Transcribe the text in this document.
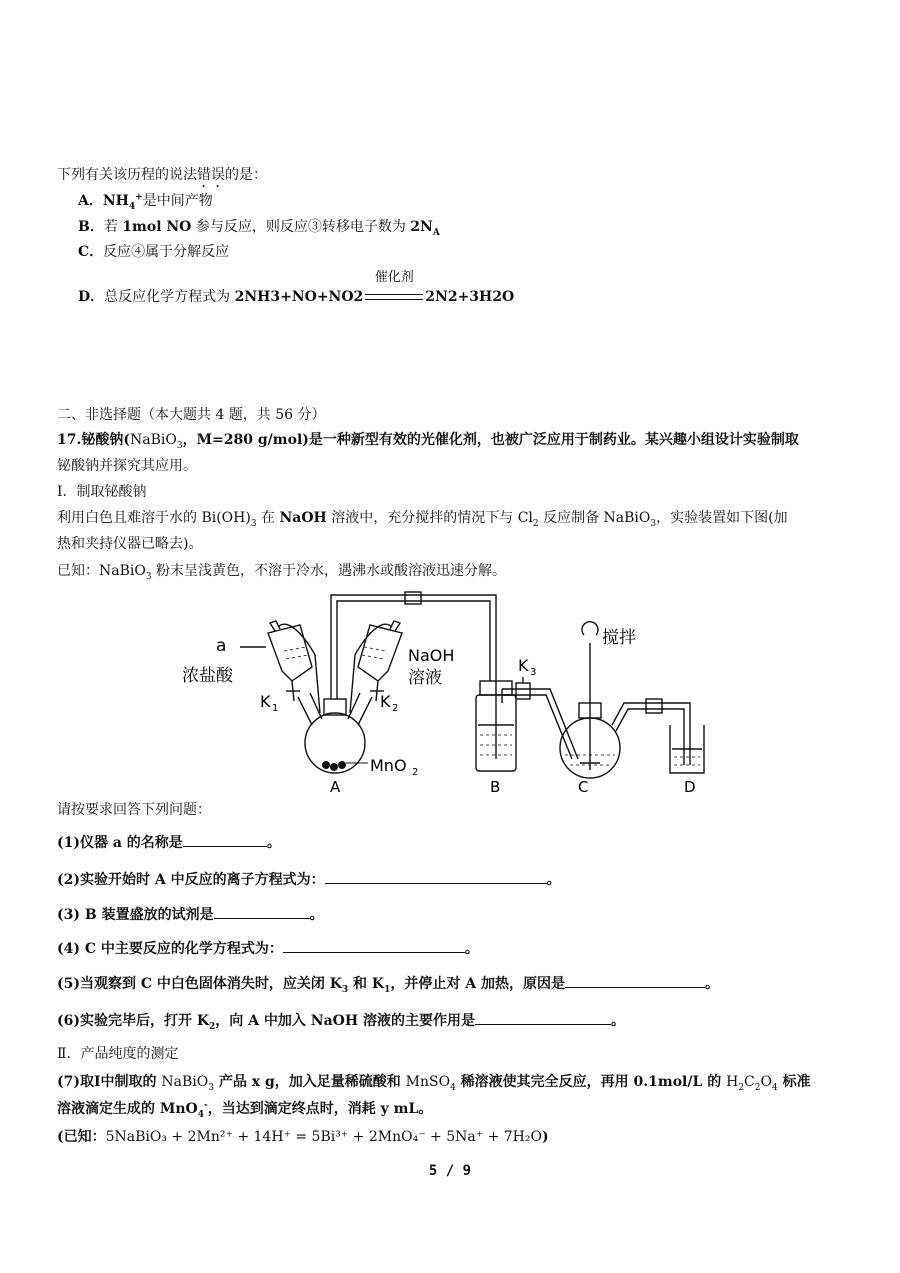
下列有关该历程的说法错误的是：
A．$NH_4^+$是中间产物
B．若 1mol NO 参与反应，则反应③转移电子数为 $2N_A$
C．反应④属于分解反应
D．总反应化学方程式为 2NH3+NO+NO2
催化剂
2N2+3H2O
二、非选择题（本大题共 4 题，共 56 分）
17.铋酸钠(NaBiO$_3$，M=280 g/mol)是一种新型有效的光催化剂，也被广泛应用于制药业。某兴趣小组设计实验制取
铋酸钠并探究其应用。
Ⅰ．制取铋酸钠
利用白色且难溶于水的 $Bi(OH)_3$ 在 NaOH 溶液中，充分搅拌的情况下与 $Cl_2$ 反应制备 NaBiO$_3$，实验装置如下图(加
热和夹持仪器已略去)。
已知：NaBiO$_3$ 粉末呈浅黄色，不溶于冷水，遇沸水或酸溶液迅速分解。
a
浓盐酸
K 1
NaOH
溶液
K 2
MnO 2
K 3
搅拌
A	B	C	D
请按要求回答下列问题：
(1)仪器 a 的名称是	。
(2)实验开始时 A 中反应的离子方程式为：	。
(3) B 装置盛放的试剂是	。
(4) C 中主要反应的化学方程式为：	。
(5)当观察到 C 中白色固体消失时，应关闭 $K_3$ 和 $K_1$，并停止对 A 加热，原因是	。
(6)实验完毕后，打开 $K_2$，向 A 中加入 NaOH 溶液的主要作用是	。
Ⅱ．产品纯度的测定
(7)取Ⅰ中制取的 NaBiO$_3$ 产品 x g，加入足量稀硫酸和 MnSO$_4$ 稀溶液使其完全反应，再用 0.1mol/L 的 $H_2C_2O_4$ 标准
溶液滴定生成的 MnO$_4$-，当达到滴定终点时，消耗 y mL。
(已知：5NaBiO₃ + 2Mn²⁺ + 14H⁺ = 5Bi³⁺ + 2MnO₄⁻ + 5Na⁺ + 7H₂O)
5 / 9
